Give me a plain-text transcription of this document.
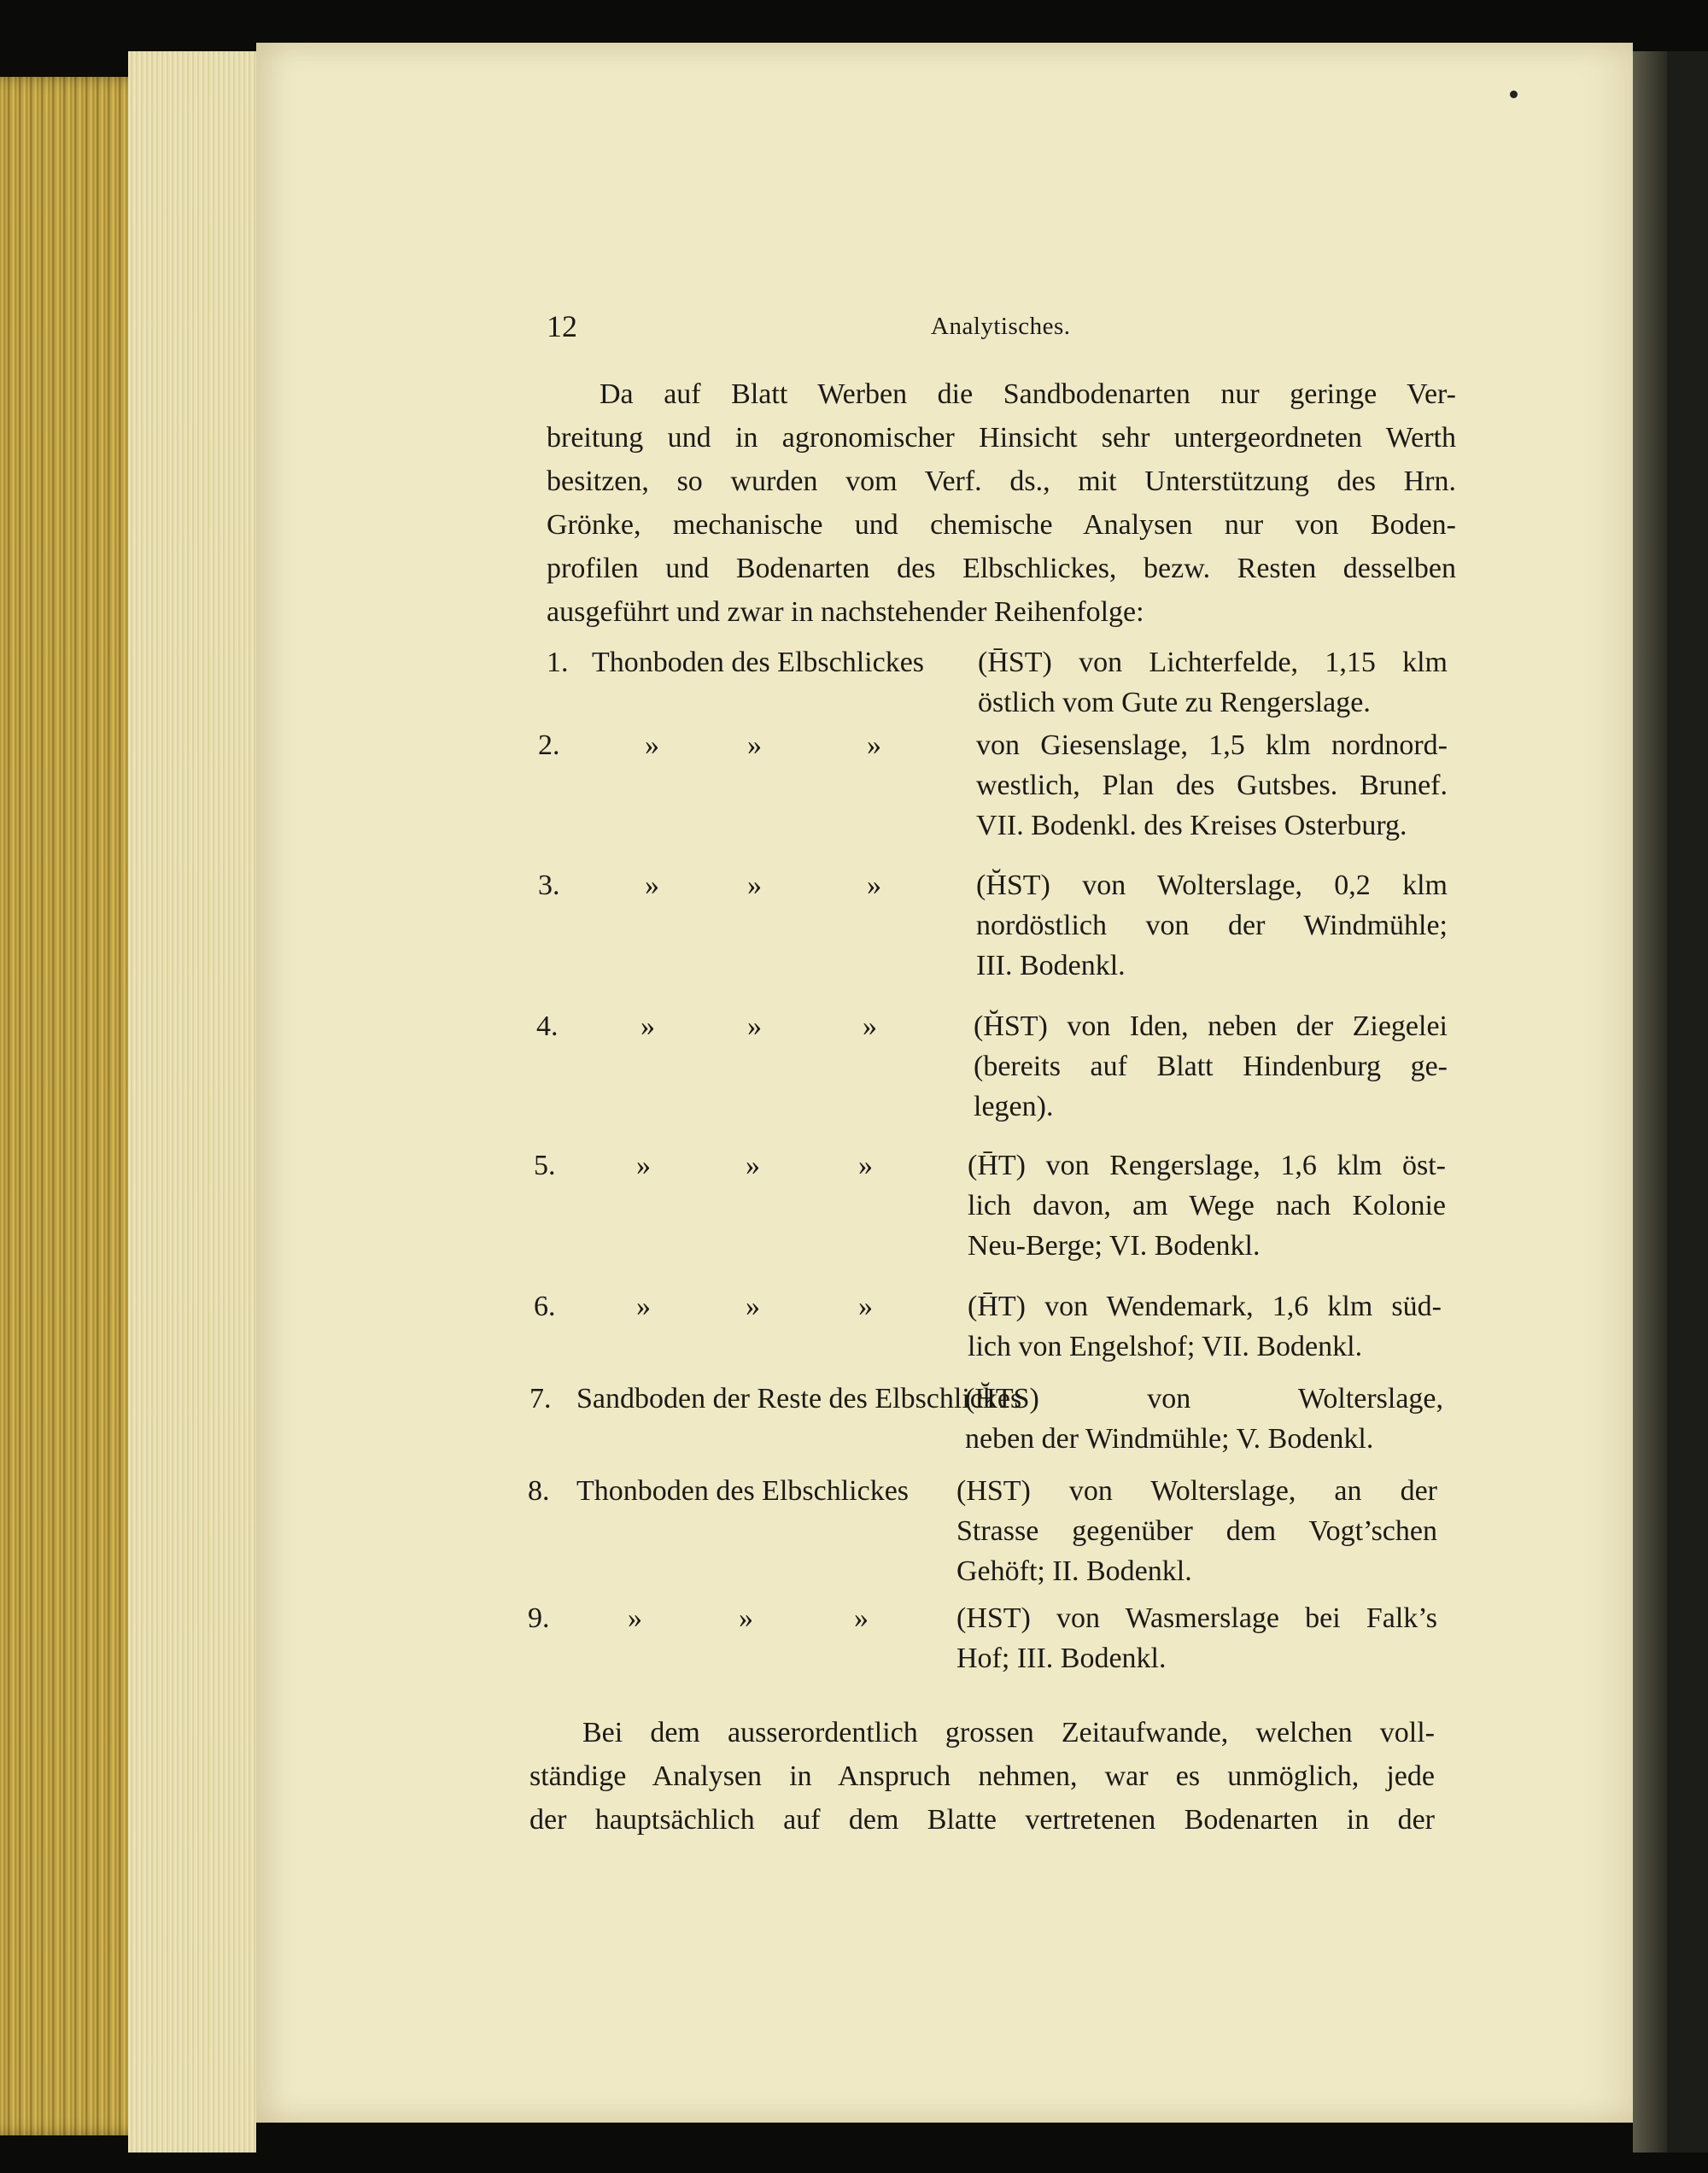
12	Analytisches.
Da auf Blatt Werben die Sandbodenarten nur geringe Ver-
breitung und in agronomischer Hinsicht sehr untergeordneten Werth
besitzen, so wurden vom Verf. ds., mit Unterstützung des Hrn.
Grönke, mechanische und chemische Analysen nur von Boden-
profilen und Bodenarten des Elbschlickes, bezw. Resten desselben
ausgeführt und zwar in nachstehender Reihenfolge:
1. Thonboden des Elbschlickes (H̄ST) von Lichterfelde, 1,15 klm
östlich vom Gute zu Rengerslage.
2.	»	»	»	von Giesenslage, 1,5 klm nordnord-
westlich, Plan des Gutsbes. Brunef.
VII. Bodenkl. des Kreises Osterburg.
3.	»	»	»	(H̆ST) von Wolterslage, 0,2 klm
nordöstlich von der Windmühle;
III. Bodenkl.
4.	»	»	»	(H̆ST) von Iden, neben der Ziegelei
(bereits auf Blatt Hindenburg ge-
legen).
5.	»	»	»	(H̄T) von Rengerslage, 1,6 klm öst-
lich davon, am Wege nach Kolonie
Neu-Berge; VI. Bodenkl.
6.	»	»	»	(H̄T) von Wendemark, 1,6 klm süd-
lich von Engelshof; VII. Bodenkl.
7. Sandboden der Reste des Elbschlickes
(H̆TS) von Wolterslage,
neben der Windmühle; V. Bodenkl.
8. Thonboden des Elbschlickes (HST) von Wolterslage, an der
Strasse gegenüber dem Vogt’schen
Gehöft; II. Bodenkl.
9.	»	»	»	(HST) von Wasmerslage bei Falk’s
Hof; III. Bodenkl.
Bei dem ausserordentlich grossen Zeitaufwande, welchen voll-
ständige Analysen in Anspruch nehmen, war es unmöglich, jede
der hauptsächlich auf dem Blatte vertretenen Bodenarten in der
